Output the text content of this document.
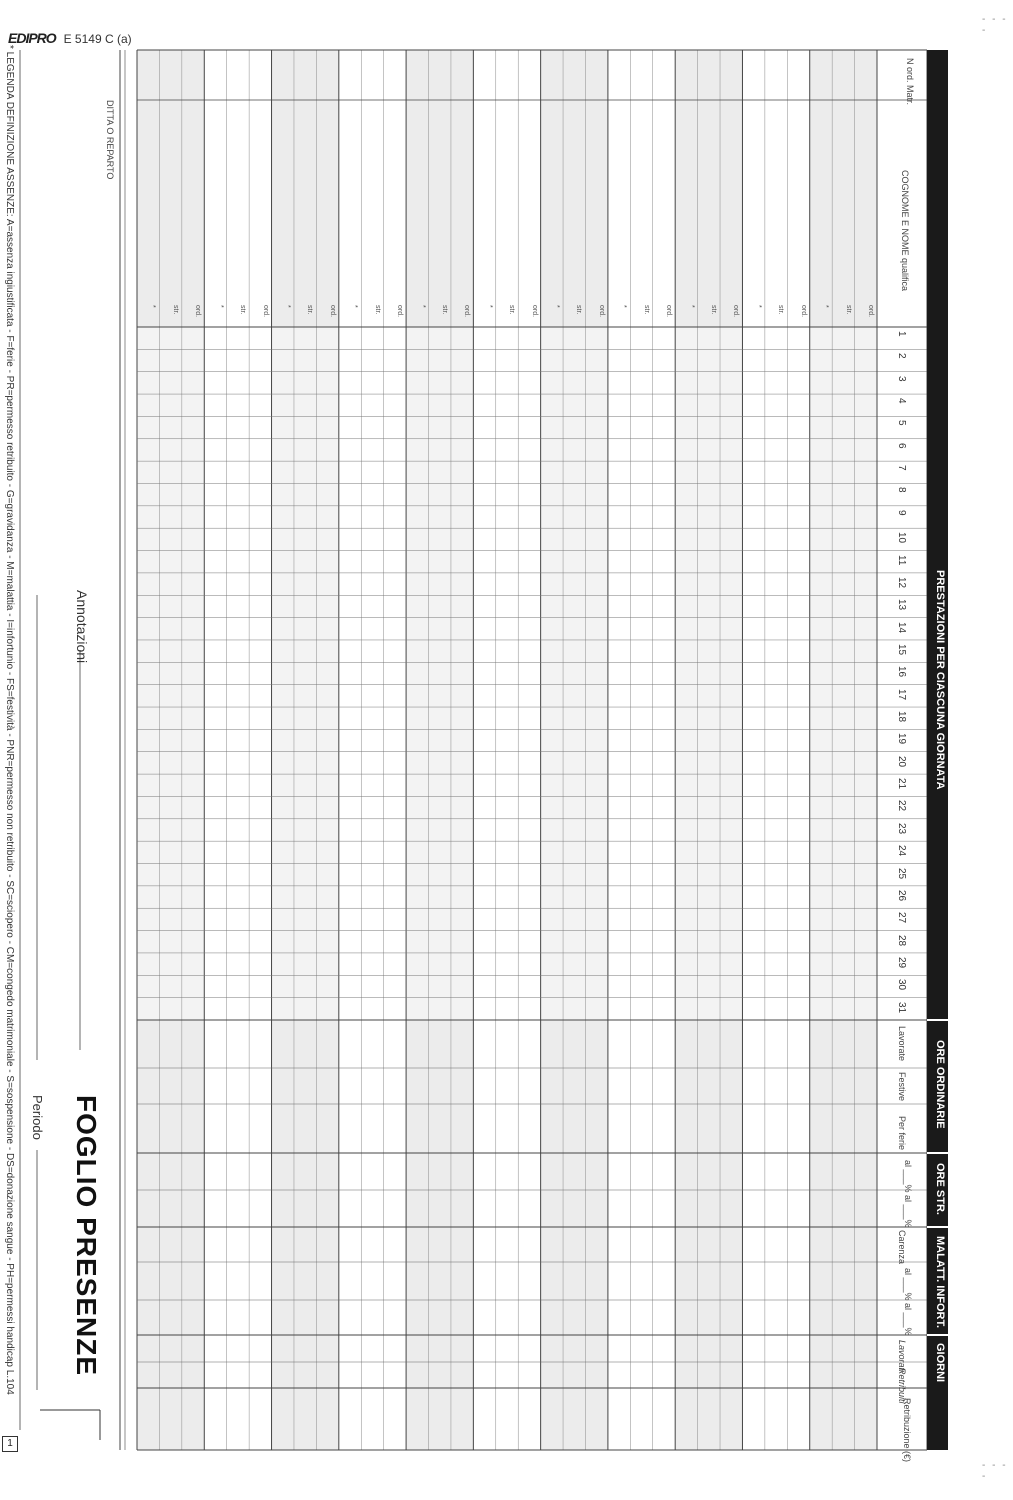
EDIPRO E 5149 C (a)
- - - -
- - - -
1
ord.
str.
*
ord.
str.
*
ord.
str.
*
ord.
str.
*
ord.
str.
*
ord.
str.
*
ord.
str.
*
ord.
str.
*
ord.
str.
*
ord.
str.
*
ord.
str.
*
PRESTAZIONI PER CIASCUNA GIORNATA
ORE ORDINARIE
ORE STR.
MALATT. INFORT.
GIORNI
N ord. Matr.
COGNOME E NOME qualifica
1
2
3
4
5
6
7
8
9
10
11
12
13
14
15
16
17
18
19
20
21
22
23
24
25
26
27
28
29
30
31
Lavorate
Festive
Per ferie
al ___%
al ___%
Carenza
al ___%
al ___%
Lavorati
Retribuiti
Retribuzione (€)
DITTA O REPARTO
Annotazioni
FOGLIO PRESENZE
Periodo
* LEGENDA DEFINIZIONE ASSENZE: A=assenza ingiustificata - F=ferie - PR=permesso retribuito - G=gravidanza - M=malattia - I=infortunio - FS=festività - PNR=permesso non retribuito - SC=sciopero - CM=congedo matrimoniale - S=sospensione - DS=donazione sangue - PH=permessi handicap L.104
